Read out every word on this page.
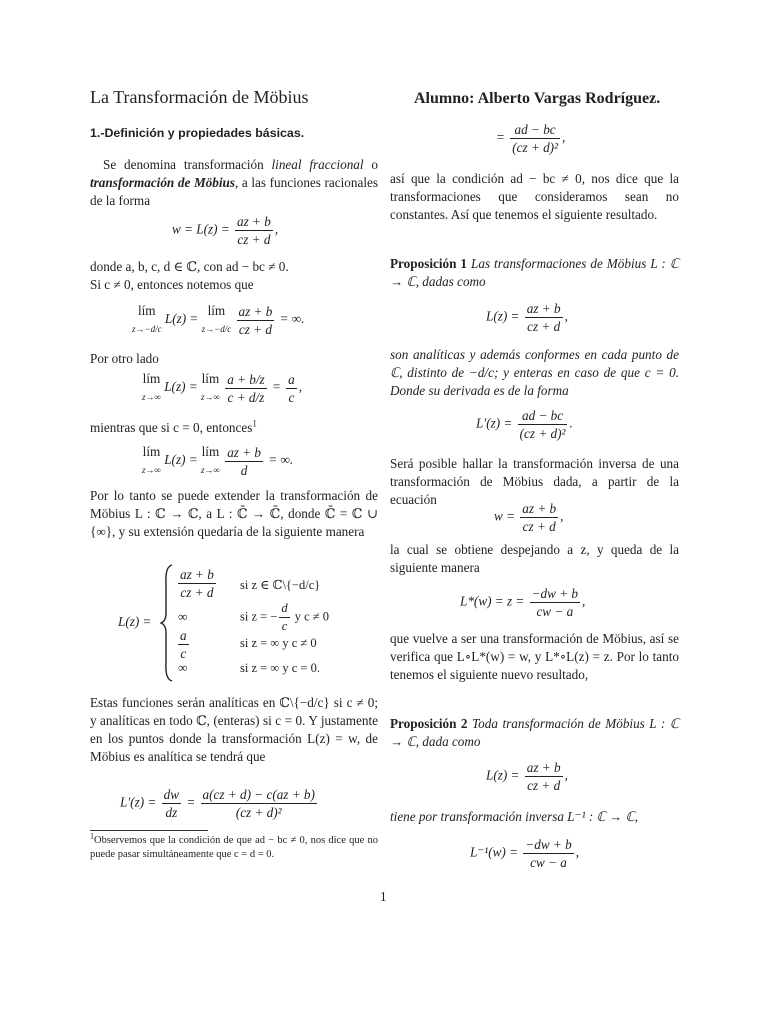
La Transformación de Möbius	Alumno: Alberto Vargas Rodríguez.
1.-Definición y propiedades básicas.
Se denomina transformación lineal fraccional o transformación de Möbius, a las funciones racionales de la forma
$w = L(z) = \frac{az + b}{cz + d}$ ,
donde a, b, c, d ∈ ℂ, con ad − bc ≠ 0.
Si c ≠ 0, entonces notemos que
lím
z→−d/c
L(z) =
lím
z→−d/c
$\frac{az + b}{cz + d}$ = ∞.
Por otro lado
lím
z→∞
L(z) =
lím
z→∞
$\frac{a + b/z}{c + d/z} = \frac{a}{c}$ ,
mientras que si c = 0, entonces$^1$
lím
z→∞
L(z) =
lím
z→∞
$\frac{az + b}{d}$ = ∞.
Por lo tanto se puede extender la transformación de Möbius L : ℂ → ℂ, a L : ℂ̄ → ℂ̄, donde ℂ̄ = ℂ ∪ {∞}, y su extensión quedaría de la siguiente manera
L(z) =
$\frac{az + b}{cz + d}$ si z ∈ ℂ\{−d/c}
∞	si z = − $\frac{d}{c}$ y c ≠ 0
$\frac{a}{c}$	si z = ∞ y c ≠ 0
∞	si z = ∞ y c = 0.
Estas funciones serán analíticas en ℂ\{−d/c} si c ≠ 0; y analíticas en todo ℂ, (enteras) si c = 0. Y justamente en los puntos donde la transformación L(z) = w, de Möbius es analítica se tendrá que
$L'(z) = \frac{dw}{dz} = \frac{a(cz + d) - c(az + b)}{\text{(cz + d)²}}$
$^1$Observemos que la condición de que ad − bc ≠ 0, nos dice que no puede pasar simultáneamente que c = d = 0.
= $\frac{ad - bc}{\text{(cz + d)²}}$ ,
así que la condición ad − bc ≠ 0, nos dice que la transformaciones que consideramos sean no constantes. Así que tenemos el siguiente resultado.
Proposición 1 Las transformaciones de Möbius L : ℂ → ℂ, dadas como
$L(z) = \frac{az + b}{cz + d}$ ,
son analíticas y además conformes en cada punto de ℂ, distinto de −d/c; y enteras en caso de que c = 0. Donde su derivada es de la forma
$L'(z) = \frac{ad - bc}{\text{(cz + d)²}}$ .
Será posible hallar la transformación inversa de una transformación de Möbius dada, a partir de la ecuación
$w = \frac{az + b}{cz + d}$ ,
la cual se obtiene despejando a z, y queda de la siguiente manera
$L*(w) = z = \frac{-dw + b}{cw - a}$ ,
que vuelve a ser una transformación de Möbius, así se verifica que L∘L*(w) = w, y L*∘L(z) = z. Por lo tanto tenemos el siguiente nuevo resultado,
Proposición 2 Toda transformación de Möbius L : ℂ → ℂ, dada como
$L(z) = \frac{az + b}{cz + d}$ ,
tiene por transformación inversa L⁻¹ : ℂ → ℂ,
$L^{-1}(w) = \frac{-dw + b}{cw - a}$ ,
1
